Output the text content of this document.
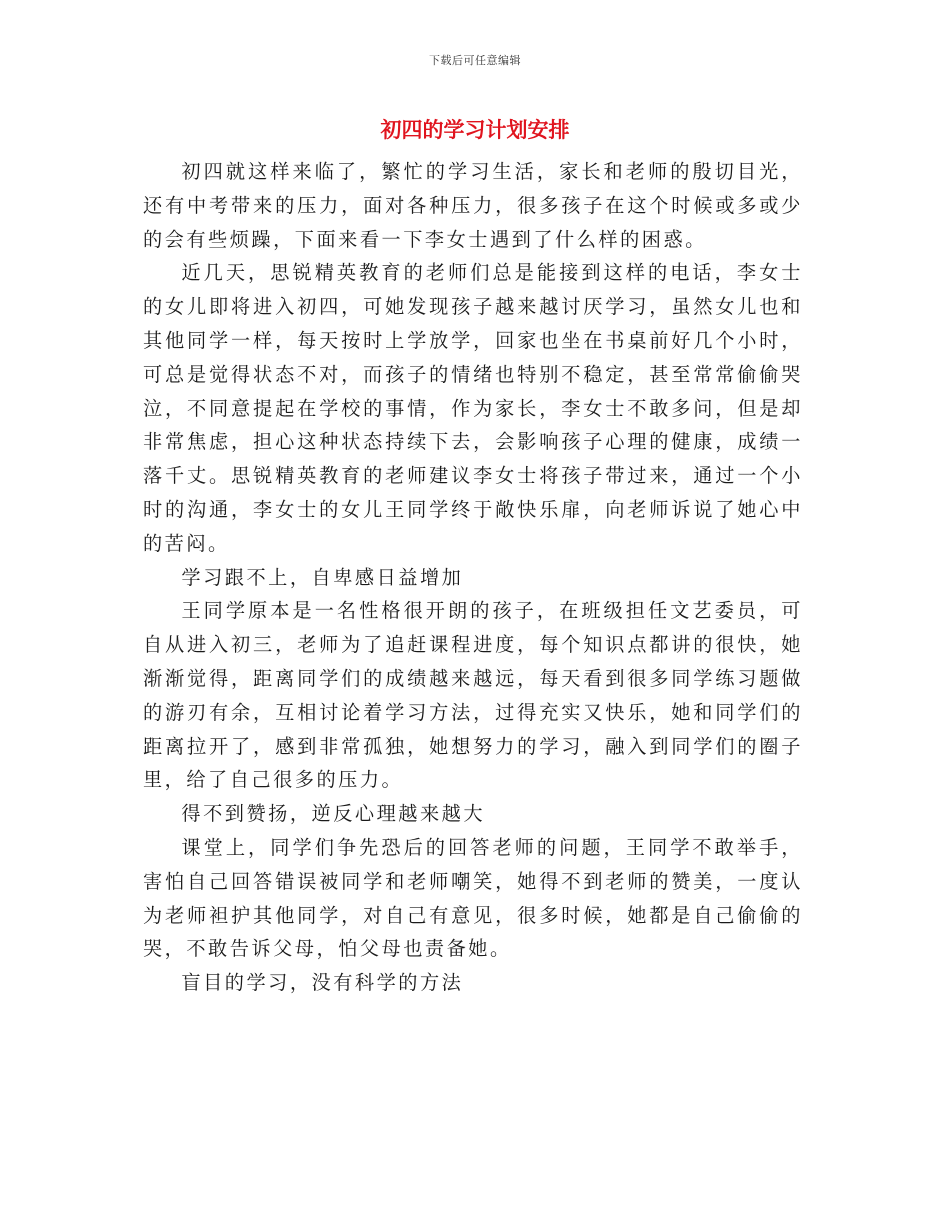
下载后可任意编辑
初四的学习计划安排

初四就这样来临了，繁忙的学习生活，家长和老师的殷切目光，还有中考带来的压力，面对各种压力，很多孩子在这个时候或多或少的会有些烦躁，下面来看一下李女士遇到了什么样的困惑。

近几天，思锐精英教育的老师们总是能接到这样的电话，李女士的女儿即将进入初四，可她发现孩子越来越讨厌学习，虽然女儿也和其他同学一样，每天按时上学放学，回家也坐在书桌前好几个小时，可总是觉得状态不对，而孩子的情绪也特别不稳定，甚至常常偷偷哭泣，不同意提起在学校的事情，作为家长，李女士不敢多问，但是却非常焦虑，担心这种状态持续下去，会影响孩子心理的健康，成绩一落千丈。思锐精英教育的老师建议李女士将孩子带过来，通过一个小时的沟通，李女士的女儿王同学终于敞快乐扉，向老师诉说了她心中的苦闷。

学习跟不上，自卑感日益增加

王同学原本是一名性格很开朗的孩子，在班级担任文艺委员，可自从进入初三，老师为了追赶课程进度，每个知识点都讲的很快，她渐渐觉得，距离同学们的成绩越来越远，每天看到很多同学练习题做的游刃有余，互相讨论着学习方法，过得充实又快乐，她和同学们的距离拉开了，感到非常孤独，她想努力的学习，融入到同学们的圈子里，给了自己很多的压力。

得不到赞扬，逆反心理越来越大

课堂上，同学们争先恐后的回答老师的问题，王同学不敢举手，害怕自己回答错误被同学和老师嘲笑，她得不到老师的赞美，一度认为老师袒护其他同学，对自己有意见，很多时候，她都是自己偷偷的哭，不敢告诉父母，怕父母也责备她。

盲目的学习，没有科学的方法
